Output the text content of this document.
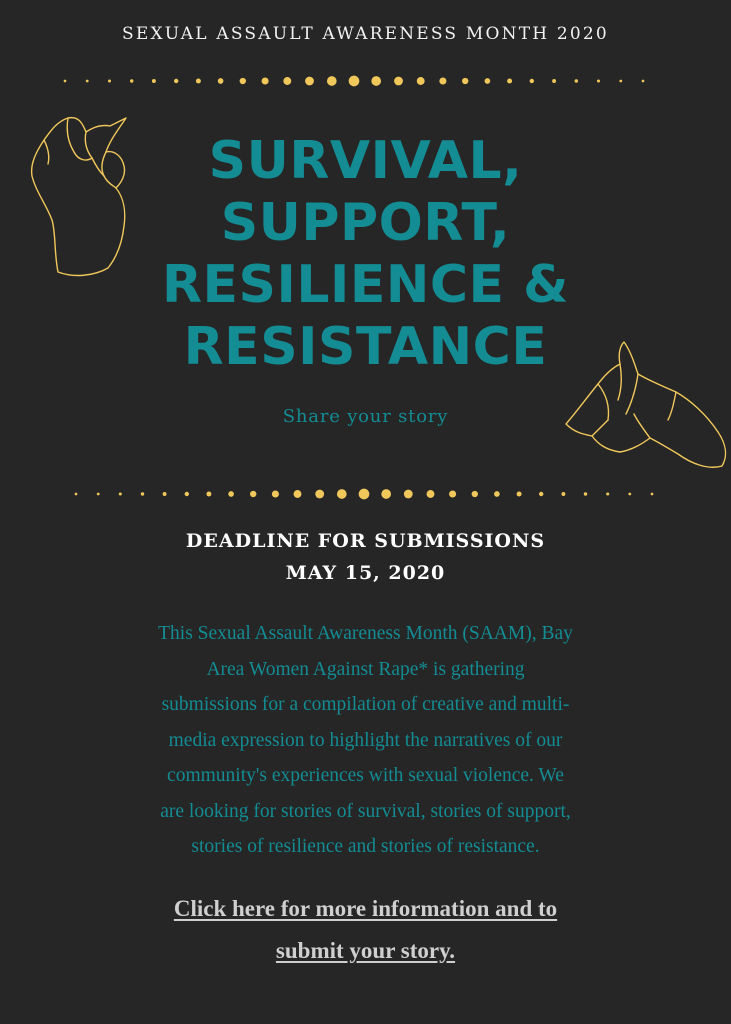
SEXUAL ASSAULT AWARENESS MONTH 2020
SURVIVAL,
SUPPORT,
RESILIENCE &
RESISTANCE
Share your story
DEADLINE FOR SUBMISSIONS
MAY 15, 2020
This Sexual Assault Awareness Month (SAAM), Bay
Area Women Against Rape* is gathering
submissions for a compilation of creative and multi-
media expression to highlight the narratives of our
community's experiences with sexual violence. We
are looking for stories of survival, stories of support,
stories of resilience and stories of resistance.
Click here for more information and to
submit your story.
